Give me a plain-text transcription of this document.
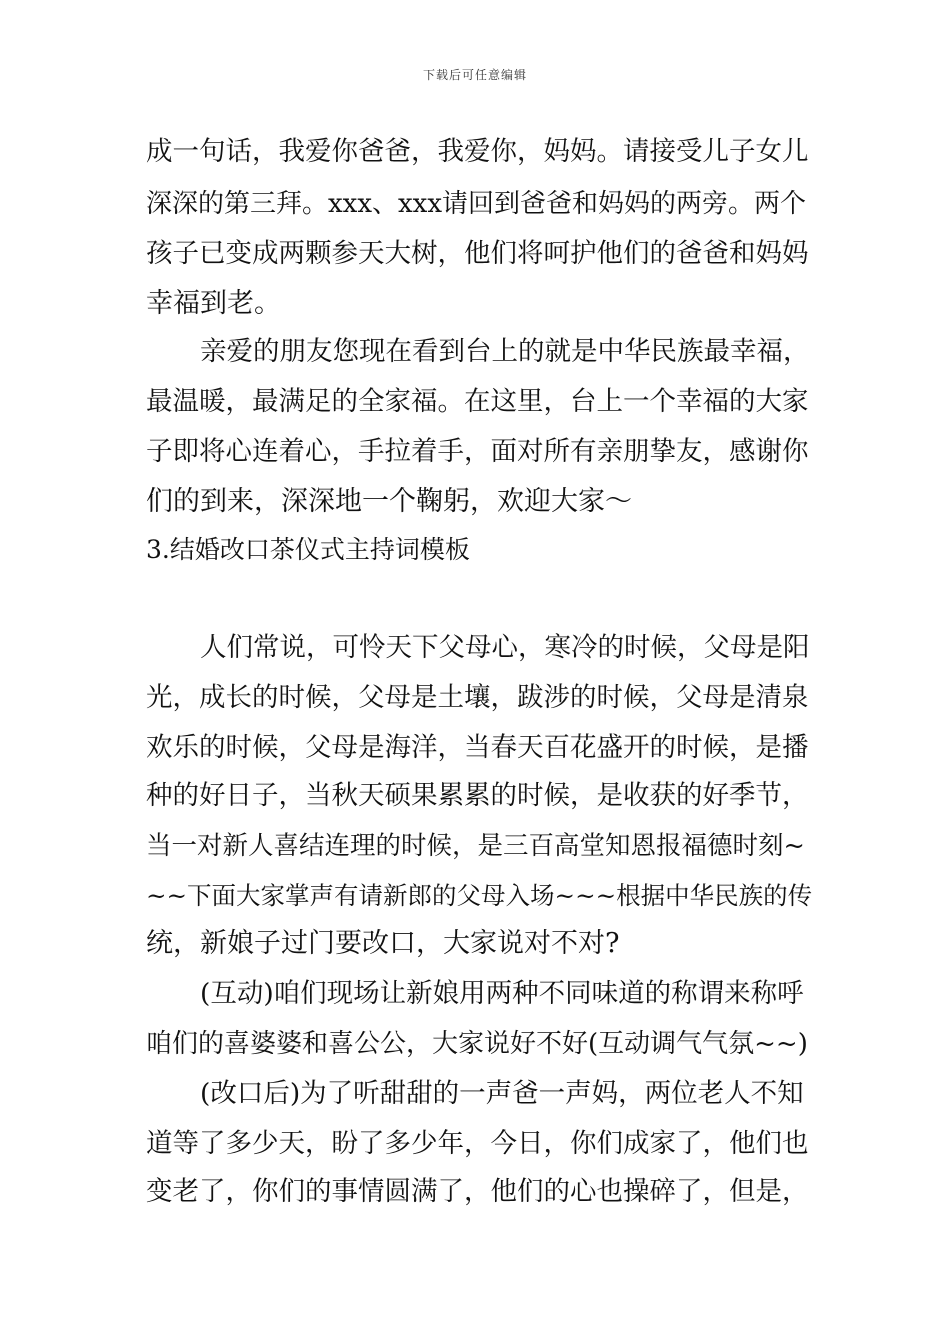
下载后可任意编辑
成一句话，我爱你爸爸，我爱你，妈妈。请接受儿子女儿
深深的第三拜。xxx、xxx请回到爸爸和妈妈的两旁。两个
孩子已变成两颗参天大树，他们将呵护他们的爸爸和妈妈
幸福到老。
亲爱的朋友您现在看到台上的就是中华民族最幸福，
最温暖，最满足的全家福。在这里，台上一个幸福的大家
子即将心连着心，手拉着手，面对所有亲朋挚友，感谢你
们的到来，深深地一个鞠躬，欢迎大家～
3.结婚改口茶仪式主持词模板
人们常说，可怜天下父母心，寒冷的时候，父母是阳
光，成长的时候，父母是土壤，跋涉的时候，父母是清泉
欢乐的时候，父母是海洋，当春天百花盛开的时候，是播
种的好日子，当秋天硕果累累的时候，是收获的好季节，
当一对新人喜结连理的时候，是三百高堂知恩报福德时刻~
~~下面大家掌声有请新郎的父母入场~~~根据中华民族的传
统，新娘子过门要改口，大家说对不对?
(互动)咱们现场让新娘用两种不同味道的称谓来称呼
咱们的喜婆婆和喜公公，大家说好不好(互动调气气氛~~)
(改口后)为了听甜甜的一声爸一声妈，两位老人不知
道等了多少天，盼了多少年，今日，你们成家了，他们也
变老了，你们的事情圆满了，他们的心也操碎了，但是，
